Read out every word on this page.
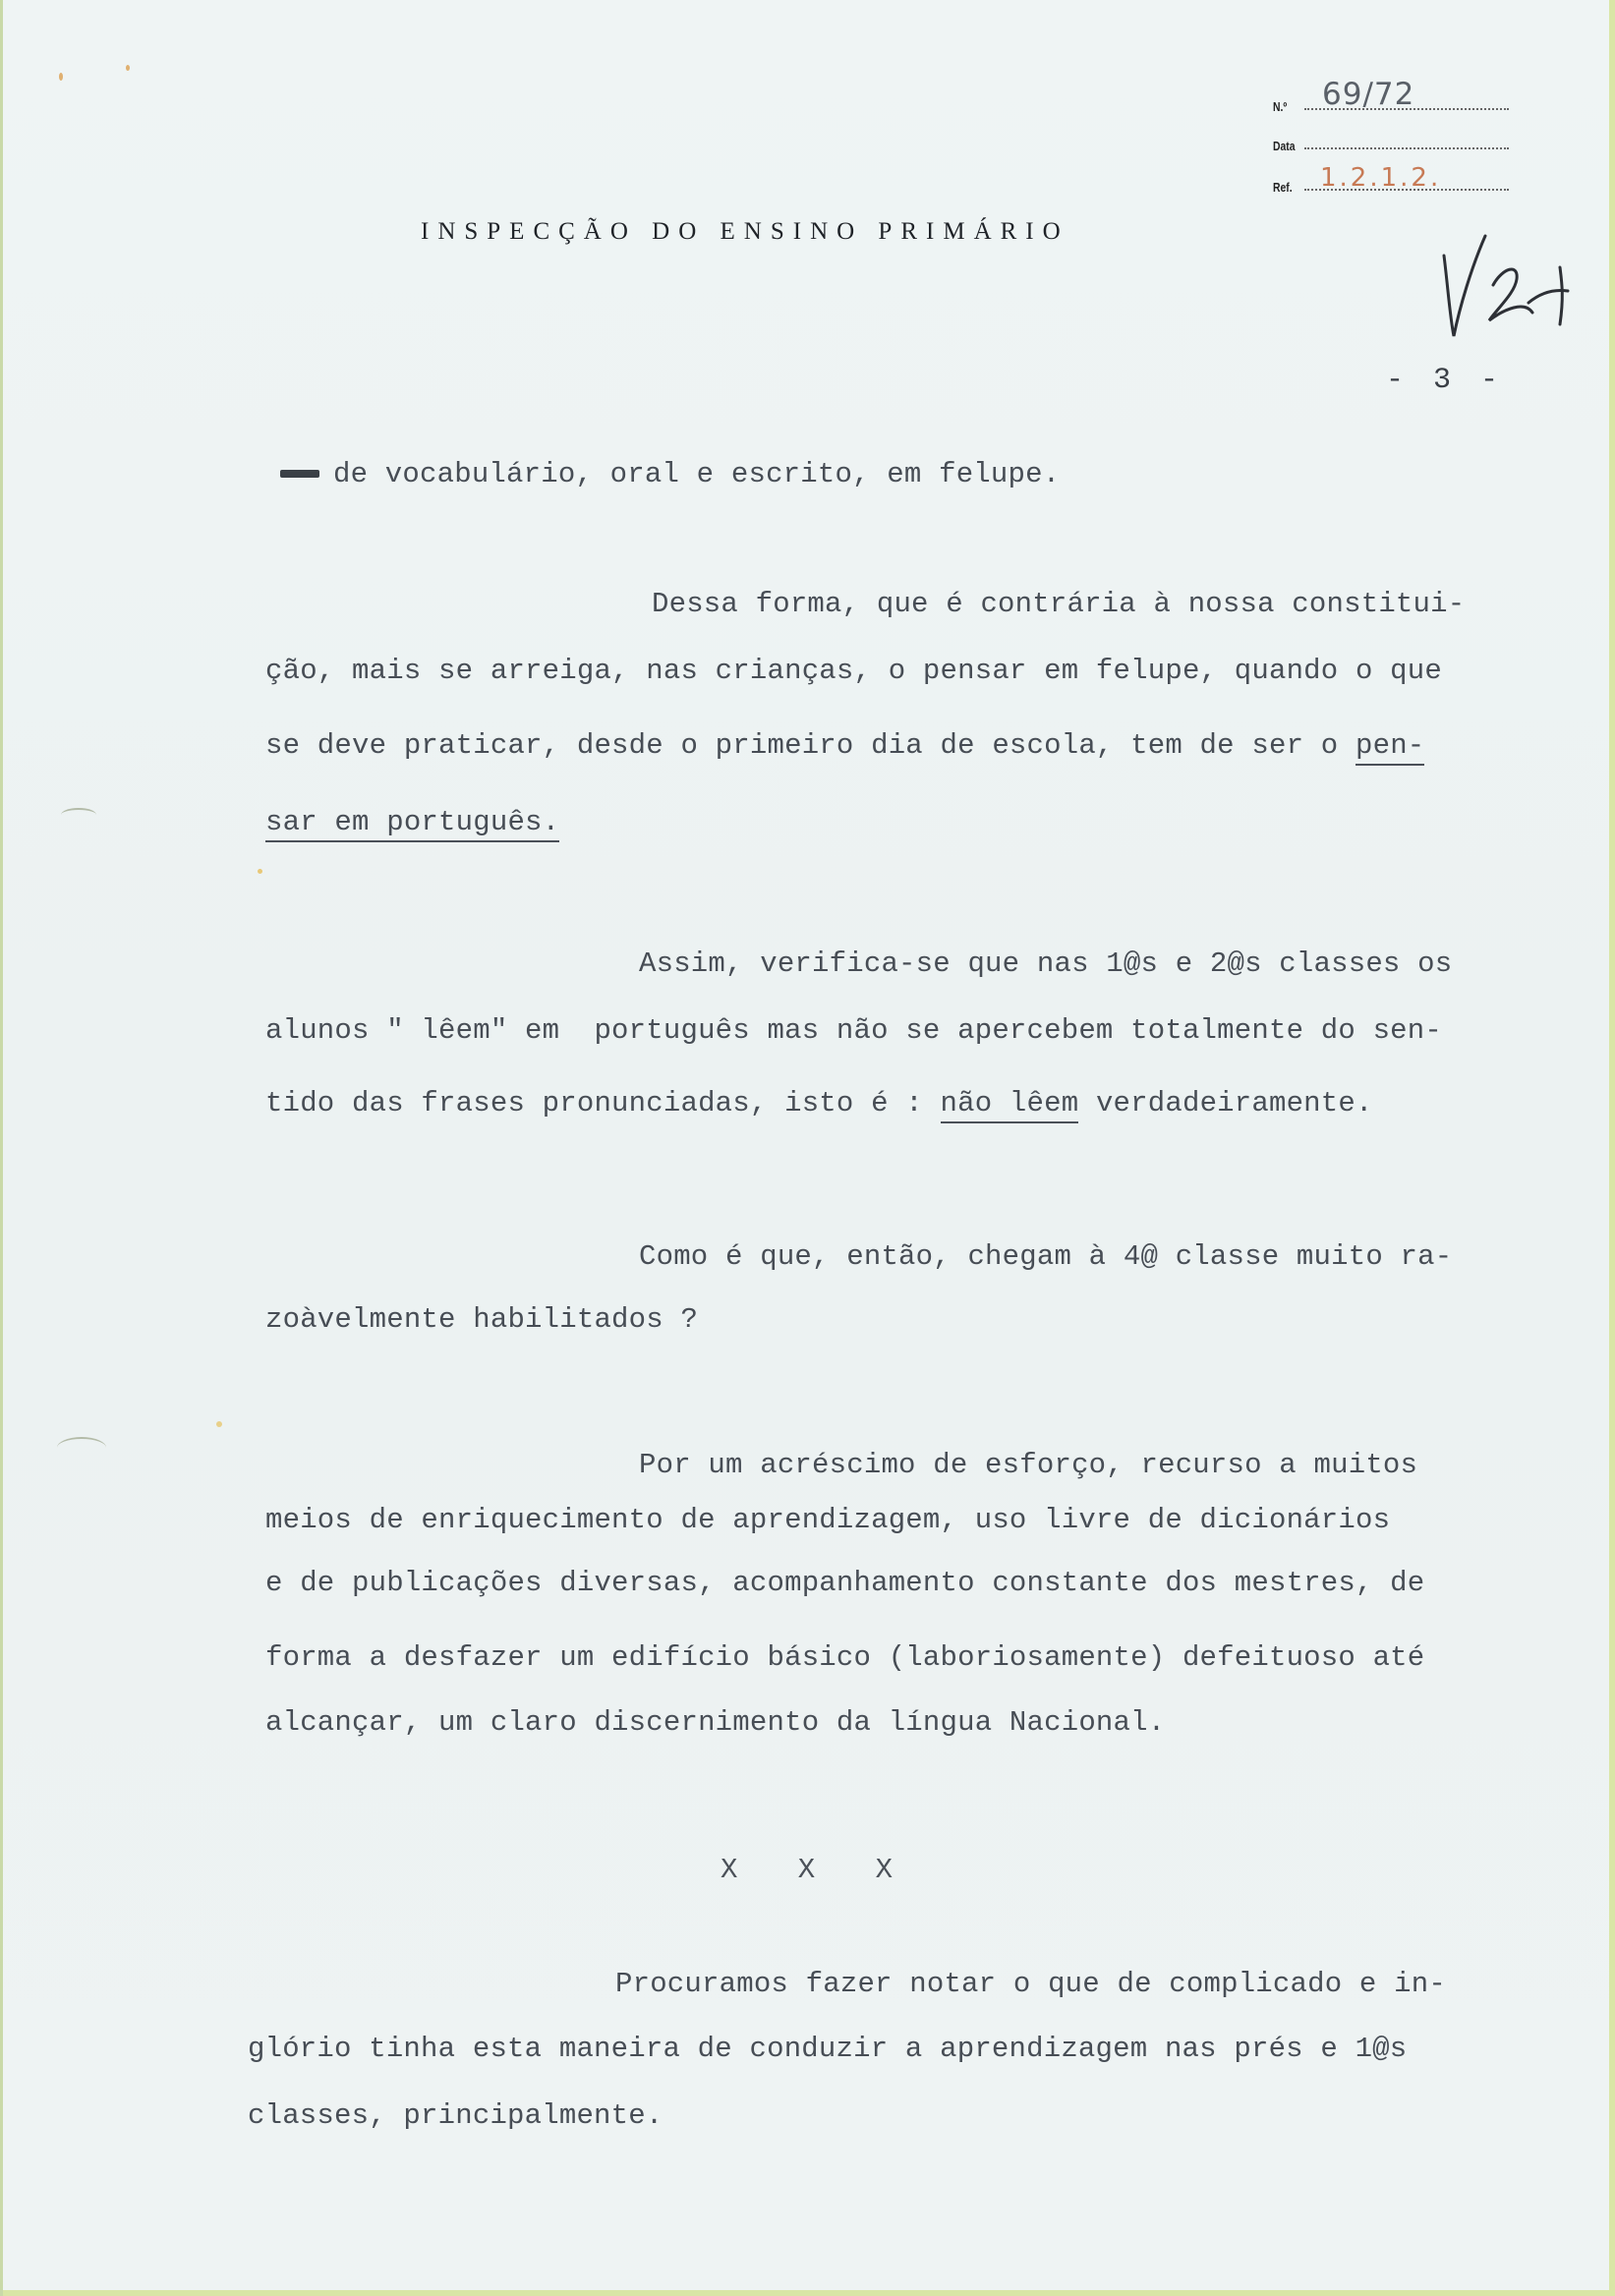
N.º 69/72
Data
Ref. 1.2.1.2.
INSPECÇÃO DO ENSINO PRIMÁRIO
- 3 -
de vocabulário, oral e escrito, em felupe.
Dessa forma, que é contrária à nossa constitui-
ção, mais se arreiga, nas crianças, o pensar em felupe, quando o que
se deve praticar, desde o primeiro dia de escola, tem de ser o pen-
sar em português.
Assim, verifica-se que nas 1@s e 2@s classes os
alunos " lêem" em  português mas não se apercebem totalmente do sen-
tido das frases pronunciadas, isto é : não lêem verdadeiramente.
Como é que, então, chegam à 4@ classe muito ra-
zoàvelmente habilitados ?
Por um acréscimo de esforço, recurso a muitos
meios de enriquecimento de aprendizagem, uso livre de dicionários
e de publicações diversas, acompanhamento constante dos mestres, de
forma a desfazer um edifício básico (laboriosamente) defeituoso até
alcançar, um claro discernimento da língua Nacional.
X X X
Procuramos fazer notar o que de complicado e in-
glório tinha esta maneira de conduzir a aprendizagem nas prés e 1@s
classes, principalmente.
